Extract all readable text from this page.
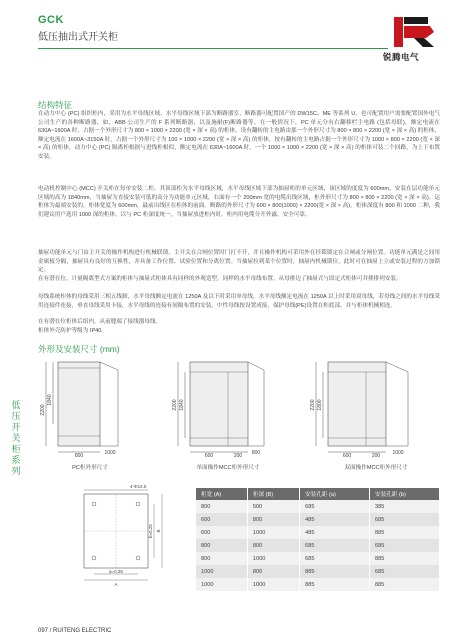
GCK
低压抽出式开关柜
锐腾电气
结构特征

在动力中心 (PC) 组织柜内，采用为水平母线区域、水平母线区域下部为断路器室，断路器可配置国产的 DW15C、ME 等系列 U，也可配置用户需要配置国外电气公司生产的各种断路器，如，ABB 公司生产的 F 系列断路器，以及施耐(F)断路器等。在一般情况下，PC 单元分有右翻移栏主电路 (包括母联)，额定电流在 630A~1600A 时，占据一个外形尺寸为 800 × 1000 × 2200 (宽 × 深 × 高) 的柜体。设有翻转的主电路由那一个外形尺寸为 800 × 800 × 2200 (宽 × 深 × 高) 的柜体，额定电流在 1600A~3150A 时，占据一个外形尺寸为 100 × 1000 × 2200 (宽 × 深 × 高) 的柜体，按有翻转的主电路占据一个外形尺寸为 1000 × 800 × 2200 (宽 × 深 × 高) 的柜体，动力中心 (PC) 隔离柜根据与进线柜相似，额定电流在 630A~1600A 时，一个 1000 × 1000 × 2200 (宽 × 深 × 高) 的柜体可装二个回路，为上下布置安装。

电动机控制中心 (MCC) 开关柜在每单安装二柜，其顶部柜为水平母线区域，水平母线区域下部为抽屉柜的单元区域，该区域的度度为 600mm，安装在层功能单元区域的高为 1840mm，当抽屉为直接安装可低的高分为功能单元区域，右面有一个 200mm 宽的电缆出线区域，柜外形尺寸为 800 × 800 × 2200 (宽 × 深 × 高)。运柜体为最端安装的，柜体宽度为 600mm，最前出线区在柜体的前面。断路的外形尺寸为 600 × 800(1000) × 2200(宽 × 深 × 高)。柜体深度有 800 和 1000 二种，我们建议用户选用 1000 深的柜体，以与 PC 柜深度统一，当抽屉放进柜内时，柜内用电缆分开外露，安全可靠。

抽屉功能单元与门由主开关的操作机构进行机械联锁，主开关在合闸位置时门打不开，并且操作机构可采用外在挂锁锁定在合闸或分闸位置。功能单元满是之间用金属板分隔，抽屉具有良好的互换性，并具备工作位置、试验位置和分离位置。当抽屉拉到某个位置时，抽屉内机械锁位，此时可在抽屉上立或安装过程的方加锁定。

在有潜在位，计量隔离型式方案的柜体与抽屉式柜体具有同样的外观造型，同样的水平母线布置。从母排边了抽屉式与固定式柜体可并排排列安装。

母线系统柜体的母线采用三相五线制，水平母线额定电流在 1250A 及以下时采用单母线，水平母线额定电流在 1250A 以上时采用双母线，若母线之间的水平母线采用连接件连接，垂直母线采用卡接，水平母线的连接有间隔布置的安装，中性母线按设置成接，保护母线(PE)设置在柜底部，并与柜体机械相连。

在有潜在位柜体后组内，从前缝端了接线器母线。

柜体外壳防护等级为 IP40。

外形及安装尺寸 (mm)
2200
1840
800	1000
2200 1840
600	200 800
2200 1800
600	200 1000
PC柜外形尺寸	单面操作MCC柜外形尺寸	双面操作MCC柜外形尺寸
4-Φ14.5
b=0.25 B
a=0.25
A
柜宽 (A)	柜深 (B)	安装孔距 (a)	安装孔距 (b)
800	500	685	385
600	800	485	685
600	1000	485	885
800	800	685	685
800	1000	685	885
1000	800	885	685
1000	1000	885	885
低压开关柜系列
097 / RUITENG ELECTRIC
